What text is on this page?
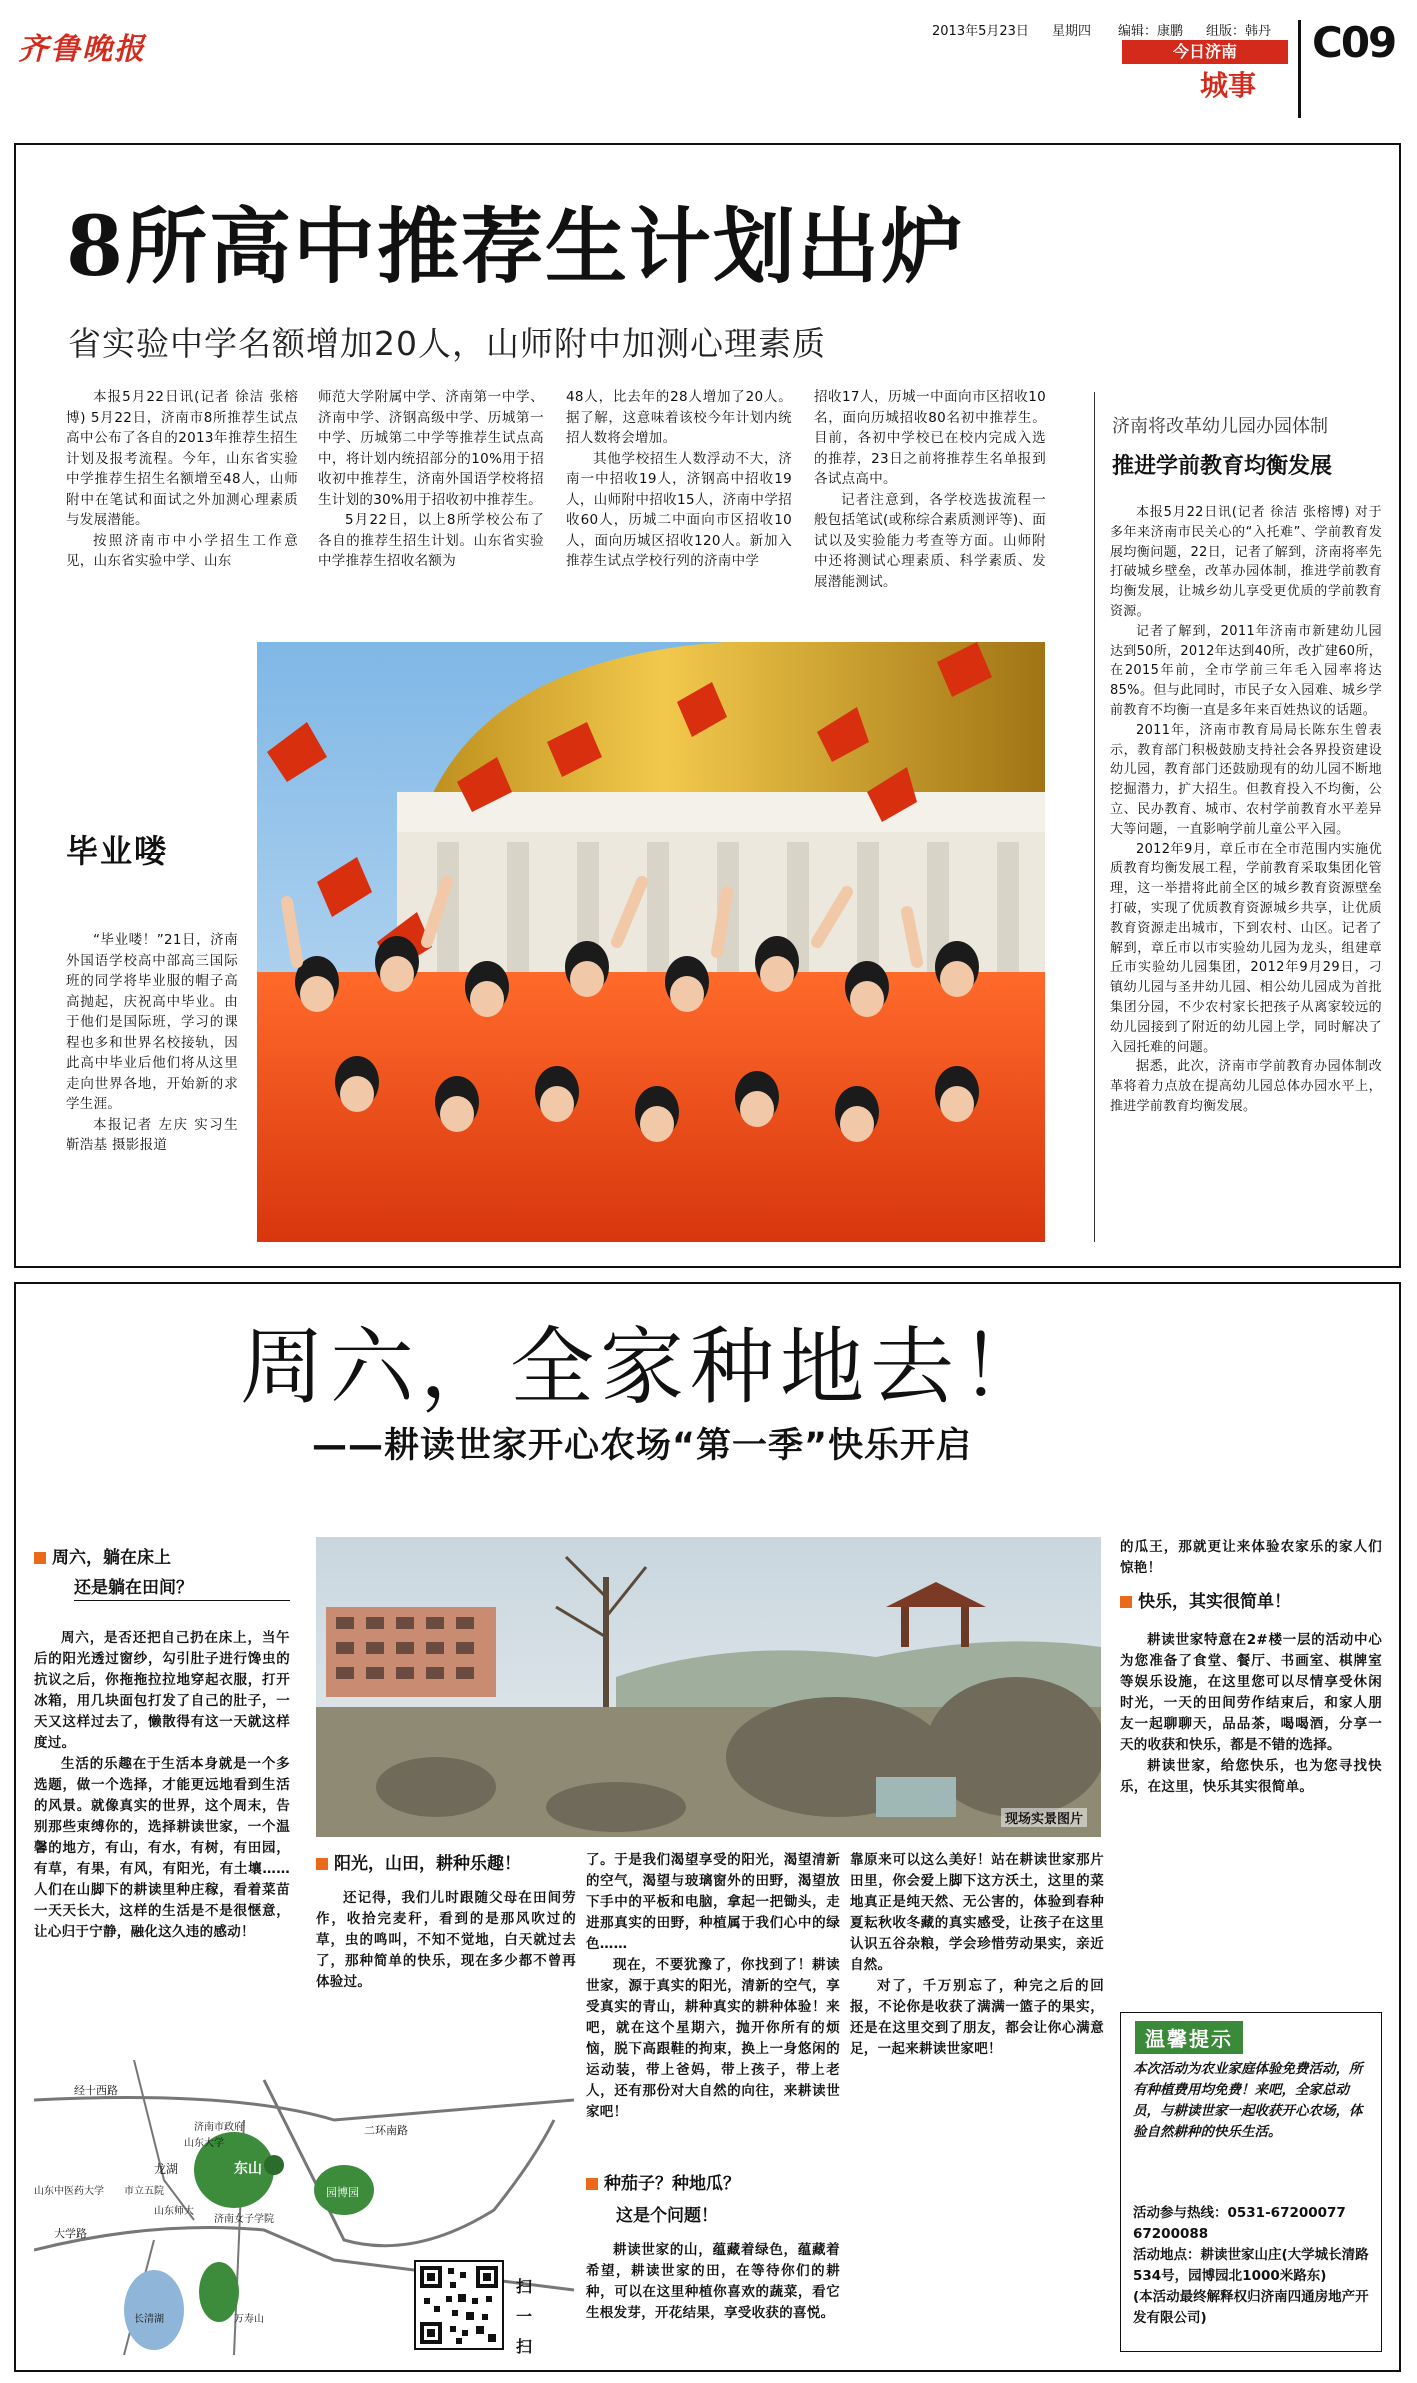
齐鲁晚报
2013年5月23日 星期四 编辑：康鹏 组版：韩丹
今日济南
城事
C09
8所高中推荐生计划出炉
省实验中学名额增加20人，山师附中加测心理素质

本报5月22日讯(记者 徐洁 张榕博) 5月22日，济南市8所推荐生试点高中公布了各自的2013年推荐生招生计划及报考流程。今年，山东省实验中学推荐生招生名额增至48人，山师附中在笔试和面试之外加测心理素质与发展潜能。

按照济南市中小学招生工作意见，山东省实验中学、山东

师范大学附属中学、济南第一中学、济南中学、济钢高级中学、历城第一中学、历城第二中学等推荐生试点高中，将计划内统招部分的10%用于招收初中推荐生，济南外国语学校将招生计划的30%用于招收初中推荐生。

5月22日，以上8所学校公布了各自的推荐生招生计划。山东省实验中学推荐生招收名额为

48人，比去年的28人增加了20人。据了解，这意味着该校今年计划内统招人数将会增加。

其他学校招生人数浮动不大，济南一中招收19人，济钢高中招收19人，山师附中招收15人，济南中学招收60人，历城二中面向市区招收10人，面向历城区招收120人。新加入推荐生试点学校行列的济南中学

招收17人，历城一中面向市区招收10名，面向历城招收80名初中推荐生。目前，各初中学校已在校内完成入选的推荐，23日之前将推荐生名单报到各试点高中。

记者注意到，各学校选拔流程一般包括笔试(或称综合素质测评等)、面试以及实验能力考查等方面。山师附中还将测试心理素质、科学素质、发展潜能测试。

济南将改革幼儿园办园体制
推进学前教育均衡发展

本报5月22日讯(记者 徐洁 张榕博) 对于多年来济南市民关心的“入托难”、学前教育发展均衡问题，22日，记者了解到，济南将率先打破城乡壁垒，改革办园体制，推进学前教育均衡发展，让城乡幼儿享受更优质的学前教育资源。

记者了解到，2011年济南市新建幼儿园达到50所，2012年达到40所，改扩建60所，在2015年前，全市学前三年毛入园率将达85%。但与此同时，市民子女入园难、城乡学前教育不均衡一直是多年来百姓热议的话题。

2011年，济南市教育局局长陈东生曾表示，教育部门积极鼓励支持社会各界投资建设幼儿园，教育部门还鼓励现有的幼儿园不断地挖掘潜力，扩大招生。但教育投入不均衡，公立、民办教育、城市、农村学前教育水平差异大等问题，一直影响学前儿童公平入园。

2012年9月，章丘市在全市范围内实施优质教育均衡发展工程，学前教育采取集团化管理，这一举措将此前全区的城乡教育资源壁垒打破，实现了优质教育资源城乡共享，让优质教育资源走出城市，下到农村、山区。记者了解到，章丘市以市实验幼儿园为龙头，组建章丘市实验幼儿园集团，2012年9月29日，刁镇幼儿园与圣井幼儿园、相公幼儿园成为首批集团分园，不少农村家长把孩子从离家较远的幼儿园接到了附近的幼儿园上学，同时解决了入园托难的问题。

据悉，此次，济南市学前教育办园体制改革将着力点放在提高幼儿园总体办园水平上，推进学前教育均衡发展。

毕业喽

“毕业喽！”21日，济南外国语学校高中部高三国际班的同学将毕业服的帽子高高抛起，庆祝高中毕业。由于他们是国际班，学习的课程也多和世界名校接轨，因此高中毕业后他们将从这里走向世界各地，开始新的求学生涯。

本报记者 左庆 实习生 靳浩基 摄影报道

周六，全家种地去！
——耕读世家开心农场“第一季”快乐开启
周六，躺在床上
还是躺在田间？

周六，是否还把自己扔在床上，当午后的阳光透过窗纱，勾引肚子进行馋虫的抗议之后，你拖拖拉拉地穿起衣服，打开冰箱，用几块面包打发了自己的肚子，一天又这样过去了，懒散得有这一天就这样度过。

生活的乐趣在于生活本身就是一个多选题，做一个选择，才能更远地看到生活的风景。就像真实的世界，这个周末，告别那些束缚你的，选择耕读世家，一个温馨的地方，有山，有水，有树，有田园，有草，有果，有风，有阳光，有土壤……人们在山脚下的耕读里种庄稼，看着菜苗一天天长大，这样的生活是不是很惬意，让心归于宁静，融化这久违的感动！

现场实景图片
阳光，山田，耕种乐趣！

还记得，我们儿时跟随父母在田间劳作，收拾完麦秆，看到的是那风吹过的草，虫的鸣叫，不知不觉地，白天就过去了，那种简单的快乐，现在多少都不曾再体验过。

了。于是我们渴望享受的阳光，渴望清新的空气，渴望与玻璃窗外的田野，渴望放下手中的平板和电脑，拿起一把锄头，走进那真实的田野，种植属于我们心中的绿色……

现在，不要犹豫了，你找到了！耕读世家，源于真实的阳光，清新的空气，享受真实的青山，耕种真实的耕种体验！来吧，就在这个星期六，抛开你所有的烦恼，脱下高跟鞋的拘束，换上一身悠闲的运动装，带上爸妈，带上孩子，带上老人，还有那份对大自然的向往，来耕读世家吧！

种茄子？种地瓜？
这是个问题！

耕读世家的山，蕴藏着绿色，蕴藏着希望，耕读世家的田，在等待你们的耕种，可以在这里种植你喜欢的蔬菜，看它生根发芽，开花结果，享受收获的喜悦。

靠原来可以这么美好！站在耕读世家那片田里，你会爱上脚下这方沃土，这里的菜地真正是纯天然、无公害的，体验到春种夏耘秋收冬藏的真实感受，让孩子在这里认识五谷杂粮，学会珍惜劳动果实，亲近自然。

对了，千万别忘了，种完之后的回报，不论你是收获了满满一篮子的果实，还是在这里交到了朋友，都会让你心满意足，一起来耕读世家吧！

的瓜王，那就更让来体验农家乐的家人们惊艳！

快乐，其实很简单！

耕读世家特意在2#楼一层的活动中心为您准备了食堂、餐厅、书画室、棋牌室等娱乐设施，在这里您可以尽情享受休闲时光，一天的田间劳作结束后，和家人朋友一起聊聊天，品品茶，喝喝酒，分享一天的收获和快乐，都是不错的选择。

耕读世家，给您快乐，也为您寻找快乐，在这里，快乐其实很简单。

温馨提示
本次活动为农业家庭体验免费活动，所有种植费用均免费！来吧，全家总动员，与耕读世家一起收获开心农场，体验自然耕种的快乐生活。
活动参与热线：0531-67200077 67200088
活动地点：耕读世家山庄(大学城长清路534号，园博园北1000米路东)
(本活动最终解释权归济南四通房地产开发有限公司)
经十西路
济南市政府
山东大学
东山
龙湖
二环南路
园博园
山东中医药大学
大学路
山东师大
市立五院
长清湖	万寿山
济南女子学院
扫一扫
